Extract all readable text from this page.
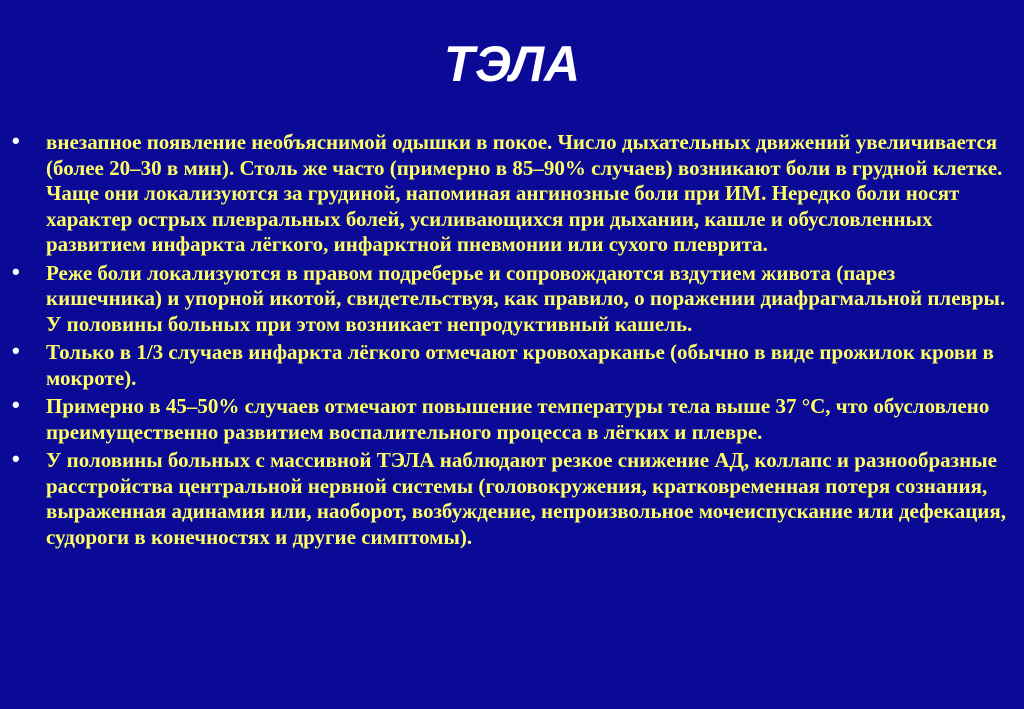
ТЭЛА
• внезапное появление необъяснимой одышки в покое. Число дыхательных движений увеличивается (более 20–30 в мин). Столь же часто (примерно в 85–90% случаев) возникают боли в грудной клетке. Чаще они локализуются за грудиной, напоминая ангинозные боли при ИМ. Нередко боли носят характер острых плевральных болей, усиливающихся при дыхании, кашле и обусловленных развитием инфаркта лёгкого, инфарктной пневмонии или сухого плеврита.
• Реже боли локализуются в правом подреберье и сопровождаются вздутием живота (парез кишечника) и упорной икотой, свидетельствуя, как правило, о поражении диафрагмальной плевры. У половины больных при этом возникает непродуктивный кашель.
• Только в 1/3 случаев инфаркта лёгкого отмечают кровохарканье (обычно в виде прожилок крови в мокроте).
• Примерно в 45–50% случаев отмечают повышение температуры тела выше 37 °С, что обусловлено преимущественно развитием воспалительного процесса в лёгких и плевре.
• У половины больных с массивной ТЭЛА наблюдают резкое снижение АД, коллапс и разнообразные расстройства центральной нервной системы (головокружения, кратковременная потеря сознания, выраженная адинамия или, наоборот, возбуждение, непроизвольное мочеиспускание или дефекация, судороги в конечностях и другие симптомы).
